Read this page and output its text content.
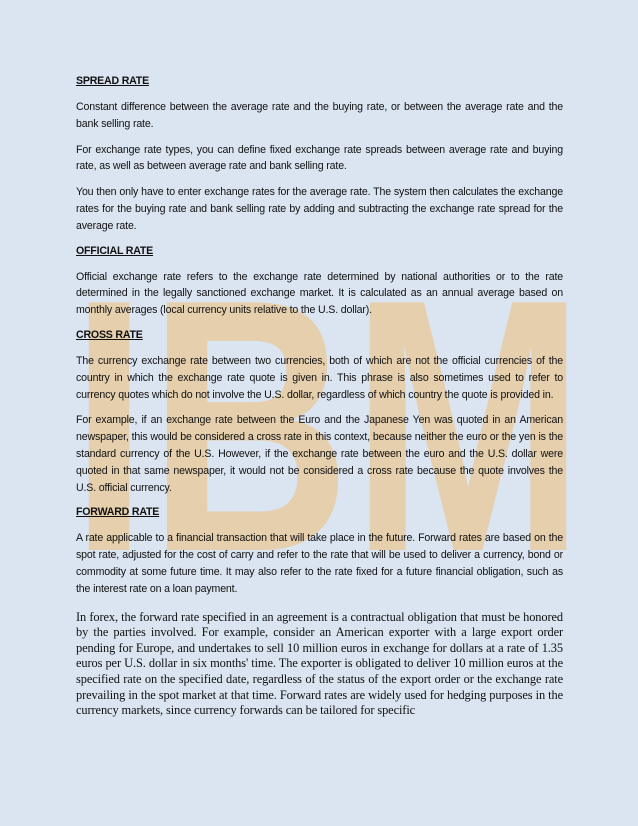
IBM
SPREAD RATE

Constant difference between the average rate and the buying rate, or between the average rate and the bank selling rate.

For exchange rate types, you can define fixed exchange rate spreads between average rate and buying rate, as well as between average rate and bank selling rate.

You then only have to enter exchange rates for the average rate. The system then calculates the exchange rates for the buying rate and bank selling rate by adding and subtracting the exchange rate spread for the average rate.

OFFICIAL RATE

Official exchange rate refers to the exchange rate determined by national authorities or to the rate determined in the legally sanctioned exchange market. It is calculated as an annual average based on monthly averages (local currency units relative to the U.S. dollar).

CROSS RATE

The currency exchange rate between two currencies, both of which are not the official currencies of the country in which the exchange rate quote is given in. This phrase is also sometimes used to refer to currency quotes which do not involve the U.S. dollar, regardless of which country the quote is provided in.

For example, if an exchange rate between the Euro and the Japanese Yen was quoted in an American newspaper, this would be considered a cross rate in this context, because neither the euro or the yen is the standard currency of the U.S. However, if the exchange rate between the euro and the U.S. dollar were quoted in that same newspaper, it would not be considered a cross rate because the quote involves the U.S. official currency.

FORWARD RATE

A rate applicable to a financial transaction that will take place in the future. Forward rates are based on the spot rate, adjusted for the cost of carry and refer to the rate that will be used to deliver a currency, bond or commodity at some future time. It may also refer to the rate fixed for a future financial obligation, such as the interest rate on a loan payment.

In forex, the forward rate specified in an agreement is a contractual obligation that must be honored by the parties involved. For example, consider an American exporter with a large export order pending for Europe, and undertakes to sell 10 million euros in exchange for dollars at a rate of 1.35 euros per U.S. dollar in six months' time. The exporter is obligated to deliver 10 million euros at the specified rate on the specified date, regardless of the status of the export order or the exchange rate prevailing in the spot market at that time. Forward rates are widely used for hedging purposes in the currency markets, since currency forwards can be tailored for specific
